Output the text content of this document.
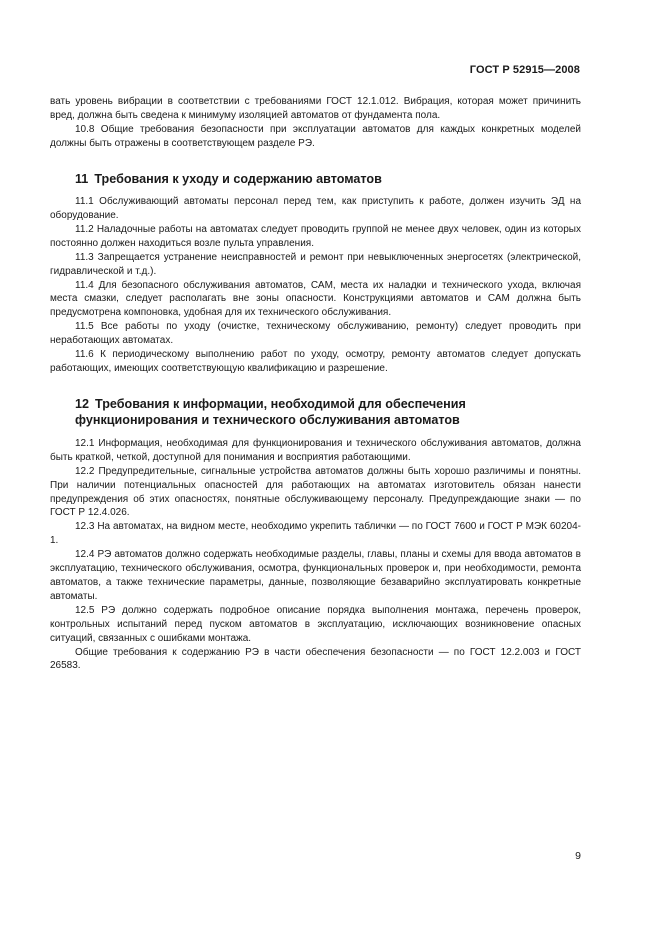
ГОСТ Р 52915—2008

вать уровень вибрации в соответствии с требованиями ГОСТ 12.1.012. Вибрация, которая может причинить вред, должна быть сведена к минимуму изоляцией автоматов от фундамента пола.

10.8 Общие требования безопасности при эксплуатации автоматов для каждых конкретных моделей должны быть отражены в соответствующем разделе РЭ.

11 Требования к уходу и содержанию автоматов

11.1 Обслуживающий автоматы персонал перед тем, как приступить к работе, должен изучить ЭД на оборудование.

11.2 Наладочные работы на автоматах следует проводить группой не менее двух человек, один из которых постоянно должен находиться возле пульта управления.

11.3 Запрещается устранение неисправностей и ремонт при невыключенных энергосетях (электрической, гидравлической и т.д.).

11.4 Для безопасного обслуживания автоматов, САМ, места их наладки и технического ухода, включая места смазки, следует располагать вне зоны опасности. Конструкциями автоматов и САМ должна быть предусмотрена компоновка, удобная для их технического обслуживания.

11.5 Все работы по уходу (очистке, техническому обслуживанию, ремонту) следует проводить при неработающих автоматах.

11.6 К периодическому выполнению работ по уходу, осмотру, ремонту автоматов следует допускать работающих, имеющих соответствующую квалификацию и разрешение.

12 Требования к информации, необходимой для обеспечения
функционирования и технического обслуживания автоматов

12.1 Информация, необходимая для функционирования и технического обслуживания автоматов, должна быть краткой, четкой, доступной для понимания и восприятия работающими.

12.2 Предупредительные, сигнальные устройства автоматов должны быть хорошо различимы и понятны. При наличии потенциальных опасностей для работающих на автоматах изготовитель обязан нанести предупреждения об этих опасностях, понятные обслуживающему персоналу. Предупреждающие знаки — по ГОСТ Р 12.4.026.

12.3 На автоматах, на видном месте, необходимо укрепить таблички — по ГОСТ 7600 и ГОСТ Р МЭК 60204-1.

12.4 РЭ автоматов должно содержать необходимые разделы, главы, планы и схемы для ввода автоматов в эксплуатацию, технического обслуживания, осмотра, функциональных проверок и, при необходимости, ремонта автоматов, а также технические параметры, данные, позволяющие безаварийно эксплуатировать конкретные автоматы.

12.5 РЭ должно содержать подробное описание порядка выполнения монтажа, перечень проверок, контрольных испытаний перед пуском автоматов в эксплуатацию, исключающих возникновение опасных ситуаций, связанных с ошибками монтажа.

Общие требования к содержанию РЭ в части обеспечения безопасности — по ГОСТ 12.2.003 и ГОСТ 26583.

9
